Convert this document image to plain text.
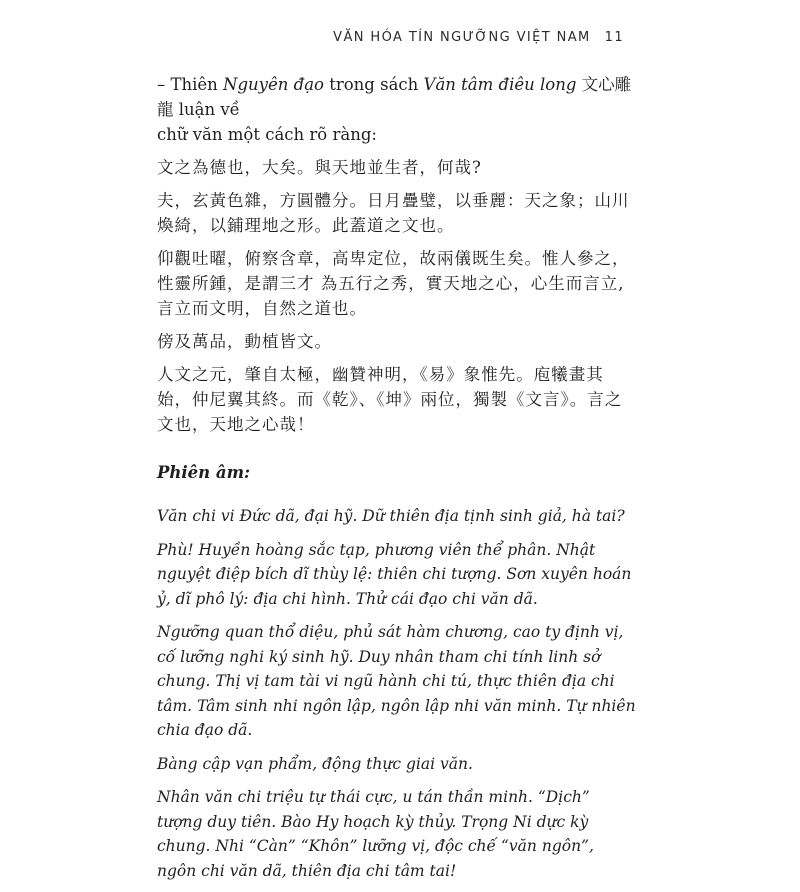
VĂN HÓA TÍN NGƯỠNG VIỆT NAM 11

– Thiên Nguyên đạo trong sách Văn tâm điêu long 文心雕龍 luận về
chữ văn một cách rõ ràng:

文之為德也，大矣。與天地並生者，何哉?

夫，玄黃色雜，方圓體分。日月疊璧，以垂麗：天之象；山川煥綺，以鋪理地之形。此蓋道之文也。

仰觀吐曜，俯察含章，高卑定位，故兩儀既生矣。惟人參之，性靈所鍾，是謂三才 為五行之秀，實天地之心，心生而言立,言立而文明，自然之道也。

傍及萬品，動植皆文。

人文之元，肇自太極，幽贊神明，《易》象惟先。庖犧畫其始，仲尼翼其終。而《乾》、《坤》兩位，獨製《文言》。言之文也，天地之心哉！

Phiên âm:

Văn chi vi Đức dã, đại hỹ. Dữ thiên địa tịnh sinh giả, hà tai?

Phù! Huyền hoàng sắc tạp, phương viên thể phân. Nhật nguyệt điệp bích dĩ thùy lệ: thiên chi tượng. Sơn xuyên hoán ỷ, dĩ phô lý: địa chi hình. Thử cái đạo chi văn dã.

Ngưỡng quan thổ diệu, phủ sát hàm chương, cao ty định vị, cố lưỡng nghi ký sinh hỹ. Duy nhân tham chi tính linh sở chung. Thị vị tam tài vi ngũ hành chi tú, thực thiên địa chi tâm. Tâm sinh nhi ngôn lập, ngôn lập nhi văn minh. Tự nhiên chia đạo dã.

Bàng cập vạn phẩm, động thực giai văn.

Nhân văn chi triệu tự thái cực, u tán thần minh. “Dịch” tượng duy tiên. Bào Hy hoạch kỳ thủy. Trọng Ni dực kỳ chung. Nhi “Càn” “Khôn” lưỡng vị, độc chế “văn ngôn”, ngôn chi văn dã, thiên địa chi tâm tai!
